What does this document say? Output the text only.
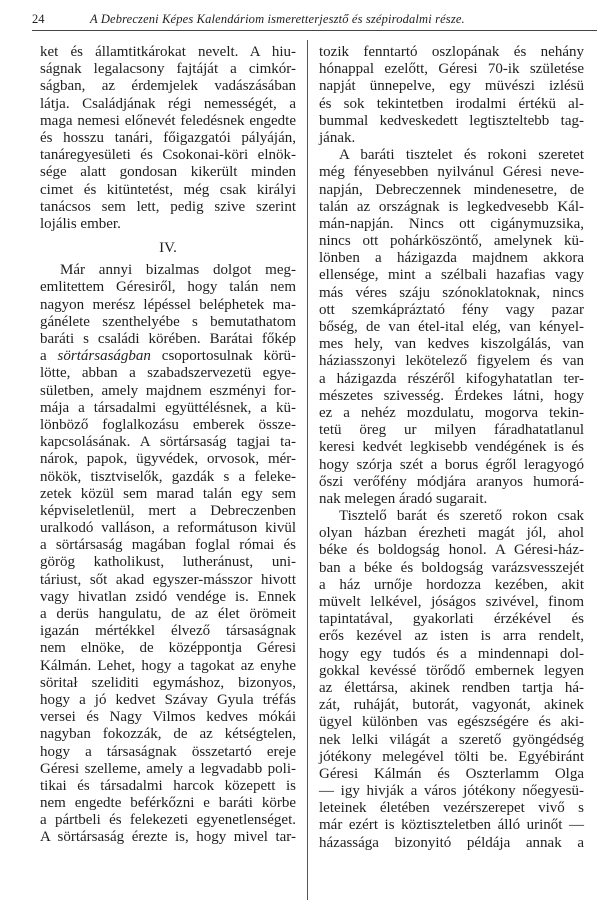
24	A Debreczeni Képes Kalendáriom ismeretterjesztő és szépirodalmi része.
ket és államtitkárokat nevelt. A hiu-
ságnak legalacsony fajtáját a cimkór-
ságban, az érdemjelek vadászásában
látja. Családjának régi nemességét, a
maga nemesi előnevét feledésnek engedte
és hosszu tanári, főigazgatói pályáján,
tanáregyesületi és Csokonai-köri elnök-
sége alatt gondosan kikerült minden
cimet és kitüntetést, még csak királyi
tanácsos sem lett, pedig szive szerint
lojális ember.
IV.
Már annyi bizalmas dolgot meg-
emlitettem Géresiről, hogy talán nem
nagyon merész lépéssel beléphetek ma-
gánélete szenthelyébe s bemutathatom
baráti s családi körében. Barátai főkép
a sörtársaságban csoportosulnak körü-
lötte, abban a szabadszervezetü egye-
sületben, amely majdnem eszményi for-
mája a társadalmi együttélésnek, a kü-
lönböző foglalkozásu emberek össze-
kapcsolásának. A sörtársaság tagjai ta-
nárok, papok, ügyvédek, orvosok, mér-
nökök, tisztviselők, gazdák s a feleke-
zetek közül sem marad talán egy sem
képviseletlenül, mert a Debreczenben
uralkodó valláson, a reformátuson kivül
a sörtársaság magában foglal római és
görög katholikust, lutheránust, uni-
táriust, sőt akad egyszer-másszor hivott
vagy hivatlan zsidó vendége is. Ennek
a derüs hangulatu, de az élet örömeit
igazán mértékkel élvező társaságnak
nem elnöke, de középpontja Géresi
Kálmán. Lehet, hogy a tagokat az enyhe
söritał szeliditi egymáshoz, bizonyos,
hogy a jó kedvet Szávay Gyula tréfás
versei és Nagy Vilmos kedves mókái
nagyban fokozzák, de az kétségtelen,
hogy a társaságnak összetartó ereje
Géresi szelleme, amely a legvadabb poli-
tikai és társadalmi harcok közepett is
nem engedte beférkőzni e baráti körbe
a pártbeli és felekezeti egyenetlenséget.
A sörtársaság érezte is, hogy mivel tar-
tozik fenntartó oszlopának és nehány
hónappal ezelőtt, Géresi 70-ik születése
napját ünnepelve, egy müvészi izlésü
és sok tekintetben irodalmi értékü al-
bummal kedveskedett legtiszteltebb tag-
jának.
A baráti tisztelet és rokoni szeretet
még fényesebben nyilvánul Géresi neve-
napján, Debreczennek mindenesetre, de
talán az országnak is legkedvesebb Kál-
mán-napján. Nincs ott cigánymuzsika,
nincs ott pohárköszöntő, amelynek kü-
lönben a házigazda majdnem akkora
ellensége, mint a szélbali hazafias vagy
más véres száju szónoklatoknak, nincs
ott szemkápráztató fény vagy pazar
bőség, de van étel-ital elég, van kényel-
mes hely, van kedves kiszolgálás, van
háziasszonyi lekötelező figyelem és van
a házigazda részéről kifogyhatatlan ter-
mészetes szivesség. Érdekes látni, hogy
ez a nehéz mozdulatu, mogorva tekin-
tetü öreg ur milyen fáradhatatlanul
keresi kedvét legkisebb vendégének is és
hogy szórja szét a borus égről leragyogó
őszi verőfény módjára aranyos humorá-
nak melegen áradó sugarait.
Tisztelő barát és szerető rokon csak
olyan házban érezheti magát jól, ahol
béke és boldogság honol. A Géresi-ház-
ban a béke és boldogság varázsvesszejét
a ház urnője hordozza kezében, akit
müvelt lelkével, jóságos szivével, finom
tapintatával, gyakorlati érzékével és
erős kezével az isten is arra rendelt,
hogy egy tudós és a mindennapi dol-
gokkal kevéssé törődő embernek legyen
az élettársa, akinek rendben tartja há-
zát, ruháját, butorát, vagyonát, akinek
ügyel különben vas egészségére és aki-
nek lelki világát a szerető gyöngédség
jótékony melegével tölti be. Egyébiránt
Géresi Kálmán és Oszterlamm Olga
— igy hivják a város jótékony nőegyesü-
leteinek életében vezérszerepet vivő s
már ezért is köztiszteletben álló urinőt —
házassága bizonyitó példája annak a
